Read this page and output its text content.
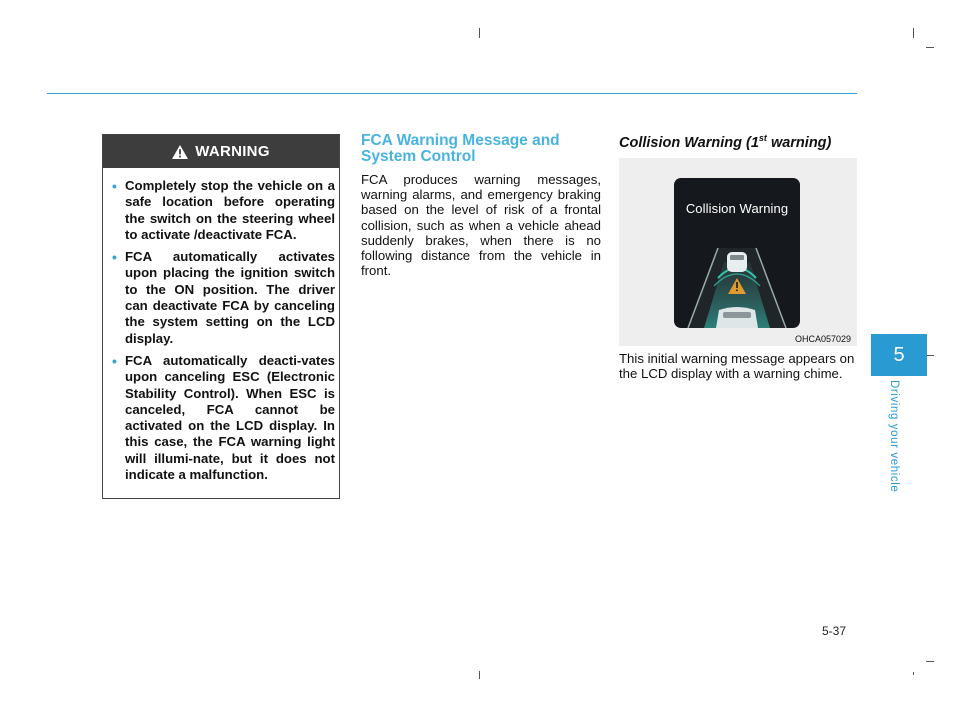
WARNING
• Completely stop the vehicle on a safe location before operating the switch on the steering wheel to activate /deactivate FCA.
• FCA automatically activates upon placing the ignition switch to the ON position. The driver can deactivate FCA by canceling the system setting on the LCD display.
• FCA automatically deacti-vates upon canceling ESC (Electronic Stability Control). When ESC is canceled, FCA cannot be activated on the LCD display. In this case, the FCA warning light will illumi-nate, but it does not indicate a malfunction.
FCA Warning Message and System Control

FCA produces warning messages, warning alarms, and emergency braking based on the level of risk of a frontal collision, such as when a vehicle ahead suddenly brakes, when there is no following distance from the vehicle in front.

Collision Warning (1st warning)
Collision Warning
OHCA057029

This initial warning message appears on the LCD display with a warning chime.

5
Driving your vehicle
5-37
